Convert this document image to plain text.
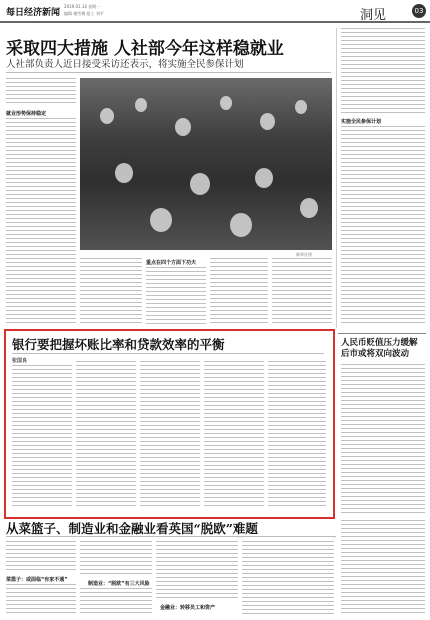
每日经济新闻
2019.01.14 星期一
编辑 谢雪梅 组工 刘平	洞见	03
采取四大措施 人社部今年这样稳就业
人社部负责人近日接受采访还表示，将实施全民参保计划
就业形势保持稳定
新华社图
重点在四个方面下功夫
实施全民参保计划
人民币贬值压力缓解 后市或将双向波动
银行要把握坏账比率和贷款效率的平衡
张国良
从菜篮子、制造业和金融业看英国“脱欧”难题
菜篮子：或面临“有家不通”
制造业：“脱欧”有三大风险
金融业：转移员工和资产
